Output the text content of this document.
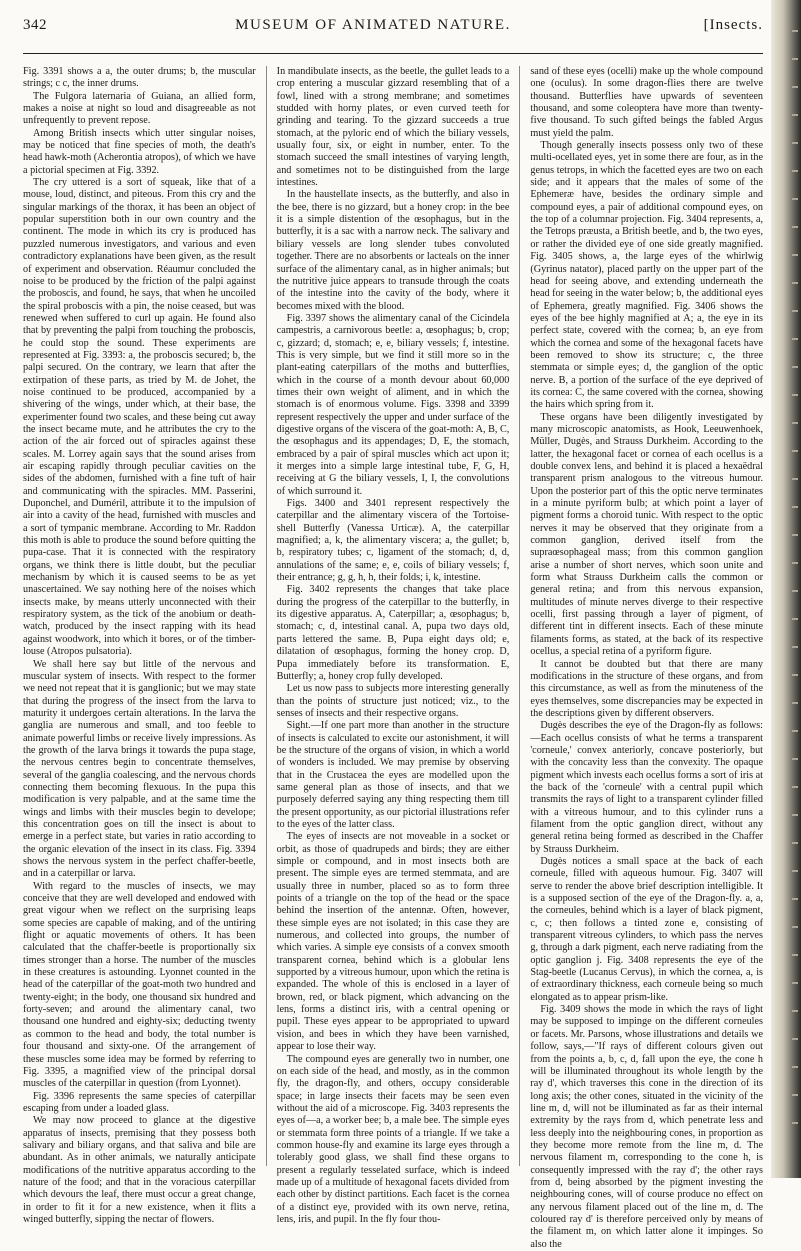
342	MUSEUM OF ANIMATED NATURE.	[Insects.

Fig. 3391 shows a a, the outer drums; b, the muscular strings; c c, the inner drums.

The Fulgora laternaria of Guiana, an allied form, makes a noise at night so loud and disagreeable as not unfrequently to prevent repose.

Among British insects which utter singular noises, may be noticed that fine species of moth, the death's head hawk-moth (Acherontia atropos), of which we have a pictorial specimen at Fig. 3392.

The cry uttered is a sort of squeak, like that of a mouse, loud, distinct, and piteous. From this cry and the singular markings of the thorax, it has been an object of popular superstition both in our own country and the continent. The mode in which its cry is produced has puzzled numerous investigators, and various and even contradictory explanations have been given, as the result of experiment and observation. Réaumur concluded the noise to be produced by the friction of the palpi against the proboscis, and found, he says, that when he uncoiled the spiral proboscis with a pin, the noise ceased, but was renewed when suffered to curl up again. He found also that by preventing the palpi from touching the proboscis, he could stop the sound. These experiments are represented at Fig. 3393: a, the proboscis secured; b, the palpi secured. On the contrary, we learn that after the extirpation of these parts, as tried by M. de Johet, the noise continued to be produced, accompanied by a shivering of the wings, under which, at their base, the experimenter found two scales, and these being cut away the insect became mute, and he attributes the cry to the action of the air forced out of spiracles against these scales. M. Lorrey again says that the sound arises from air escaping rapidly through peculiar cavities on the sides of the abdomen, furnished with a fine tuft of hair and communicating with the spiracles. MM. Passerini, Duponchel, and Duméril, attribute it to the impulsion of air into a cavity of the head, furnished with muscles and a sort of tympanic membrane. According to Mr. Raddon this moth is able to produce the sound before quitting the pupa-case. That it is connected with the respiratory organs, we think there is little doubt, but the peculiar mechanism by which it is caused seems to be as yet unascertained. We say nothing here of the noises which insects make, by means utterly unconnected with their respiratory system, as the tick of the anobium or death-watch, produced by the insect rapping with its head against woodwork, into which it bores, or of the timber-louse (Atropos pulsatoria).

We shall here say but little of the nervous and muscular system of insects. With respect to the former we need not repeat that it is ganglionic; but we may state that during the progress of the insect from the larva to maturity it undergoes certain alterations. In the larva the ganglia are numerous and small, and too feeble to animate powerful limbs or receive lively impressions. As the growth of the larva brings it towards the pupa stage, the nervous centres begin to concentrate themselves, several of the ganglia coalescing, and the nervous chords connecting them becoming flexuous. In the pupa this modification is very palpable, and at the same time the wings and limbs with their muscles begin to develope; this concentration goes on till the insect is about to emerge in a perfect state, but varies in ratio according to the organic elevation of the insect in its class. Fig. 3394 shows the nervous system in the perfect chaffer-beetle, and in a caterpillar or larva.

With regard to the muscles of insects, we may conceive that they are well developed and endowed with great vigour when we reflect on the surprising leaps some species are capable of making, and of the untiring flight or aquatic movements of others. It has been calculated that the chaffer-beetle is proportionally six times stronger than a horse. The number of the muscles in these creatures is astounding. Lyonnet counted in the head of the caterpillar of the goat-moth two hundred and twenty-eight; in the body, one thousand six hundred and forty-seven; and around the alimentary canal, two thousand one hundred and eighty-six; deducting twenty as common to the head and body, the total number is four thousand and sixty-one. Of the arrangement of these muscles some idea may be formed by referring to Fig. 3395, a magnified view of the principal dorsal muscles of the caterpillar in question (from Lyonnet).

Fig. 3396 represents the same species of caterpillar escaping from under a loaded glass.

We may now proceed to glance at the digestive apparatus of insects, premising that they possess both salivary and biliary organs, and that saliva and bile are abundant. As in other animals, we naturally anticipate modifications of the nutritive apparatus according to the nature of the food; and that in the voracious caterpillar which devours the leaf, there must occur a great change, in order to fit it for a new existence, when it flits a winged butterfly, sipping the nectar of flowers.

In mandibulate insects, as the beetle, the gullet leads to a crop entering a muscular gizzard resembling that of a fowl, lined with a strong membrane; and sometimes studded with horny plates, or even curved teeth for grinding and tearing. To the gizzard succeeds a true stomach, at the pyloric end of which the biliary vessels, usually four, six, or eight in number, enter. To the stomach succeed the small intestines of varying length, and sometimes not to be distinguished from the large intestines.

In the haustellate insects, as the butterfly, and also in the bee, there is no gizzard, but a honey crop: in the bee it is a simple distention of the œsophagus, but in the butterfly, it is a sac with a narrow neck. The salivary and biliary vessels are long slender tubes convoluted together. There are no absorbents or lacteals on the inner surface of the alimentary canal, as in higher animals; but the nutritive juice appears to transude through the coats of the intestine into the cavity of the body, where it becomes mixed with the blood.

Fig. 3397 shows the alimentary canal of the Cicindela campestris, a carnivorous beetle: a, œsophagus; b, crop; c, gizzard; d, stomach; e, e, biliary vessels; f, intestine. This is very simple, but we find it still more so in the plant-eating caterpillars of the moths and butterflies, which in the course of a month devour about 60,000 times their own weight of aliment, and in which the stomach is of enormous volume. Figs. 3398 and 3399 represent respectively the upper and under surface of the digestive organs of the viscera of the goat-moth: A, B, C, the œsophagus and its appendages; D, E, the stomach, embraced by a pair of spiral muscles which act upon it; it merges into a simple large intestinal tube, F, G, H, receiving at G the biliary vessels, I, I, the convolutions of which surround it.

Figs. 3400 and 3401 represent respectively the caterpillar and the alimentary viscera of the Tortoise-shell Butterfly (Vanessa Urticæ). A, the caterpillar magnified; a, k, the alimentary viscera; a, the gullet; b, b, respiratory tubes; c, ligament of the stomach; d, d, annulations of the same; e, e, coils of biliary vessels; f, their entrance; g, g, h, h, their folds; i, k, intestine.

Fig. 3402 represents the changes that take place during the progress of the caterpillar to the butterfly, in its digestive apparatus. A, Caterpillar; a, œsophagus; b, stomach; c, d, intestinal canal. A, pupa two days old, parts lettered the same. B, Pupa eight days old; e, dilatation of œsophagus, forming the honey crop. D, Pupa immediately before its transformation. E, Butterfly; a, honey crop fully developed.

Let us now pass to subjects more interesting generally than the points of structure just noticed; viz., to the senses of insects and their respective organs.

Sight.—If one part more than another in the structure of insects is calculated to excite our astonishment, it will be the structure of the organs of vision, in which a world of wonders is included. We may premise by observing that in the Crustacea the eyes are modelled upon the same general plan as those of insects, and that we purposely deferred saying any thing respecting them till the present opportunity, as our pictorial illustrations refer to the eyes of the latter class.

The eyes of insects are not moveable in a socket or orbit, as those of quadrupeds and birds; they are either simple or compound, and in most insects both are present. The simple eyes are termed stemmata, and are usually three in number, placed so as to form three points of a triangle on the top of the head or the space behind the insertion of the antennæ. Often, however, these simple eyes are not isolated; in this case they are numerous, and collected into groups, the number of which varies. A simple eye consists of a convex smooth transparent cornea, behind which is a globular lens supported by a vitreous humour, upon which the retina is expanded. The whole of this is enclosed in a layer of brown, red, or black pigment, which advancing on the lens, forms a distinct iris, with a central opening or pupil. These eyes appear to be appropriated to upward vision, and bees in which they have been varnished, appear to lose their way.

The compound eyes are generally two in number, one on each side of the head, and mostly, as in the common fly, the dragon-fly, and others, occupy considerable space; in large insects their facets may be seen even without the aid of a microscope. Fig. 3403 represents the eyes of—a, a worker bee; b, a male bee. The simple eyes or stemmata form three points of a triangle. If we take a common house-fly and examine its large eyes through a tolerably good glass, we shall find these organs to present a regularly tesselated surface, which is indeed made up of a multitude of hexagonal facets divided from each other by distinct partitions. Each facet is the cornea of a distinct eye, provided with its own nerve, retina, lens, iris, and pupil. In the fly four thou-

sand of these eyes (ocelli) make up the whole compound one (oculus). In some dragon-flies there are twelve thousand. Butterflies have upwards of seventeen thousand, and some coleoptera have more than twenty-five thousand. To such gifted beings the fabled Argus must yield the palm.

Though generally insects possess only two of these multi-ocellated eyes, yet in some there are four, as in the genus tetrops, in which the facetted eyes are two on each side; and it appears that the males of some of the Ephemeræ have, besides the ordinary simple and compound eyes, a pair of additional compound eyes, on the top of a columnar projection. Fig. 3404 represents, a, the Tetrops præusta, a British beetle, and b, the two eyes, or rather the divided eye of one side greatly magnified. Fig. 3405 shows, a, the large eyes of the whirlwig (Gyrinus natator), placed partly on the upper part of the head for seeing above, and extending underneath the head for seeing in the water below; b, the additional eyes of Ephemera, greatly magnified. Fig. 3406 shows the eyes of the bee highly magnified at A; a, the eye in its perfect state, covered with the cornea; b, an eye from which the cornea and some of the hexagonal facets have been removed to show its structure; c, the three stemmata or simple eyes; d, the ganglion of the optic nerve. B, a portion of the surface of the eye deprived of its cornea: C, the same covered with the cornea, showing the hairs which spring from it.

These organs have been diligently investigated by many microscopic anatomists, as Hook, Leeuwenhoek, Müller, Dugès, and Strauss Durkheim. According to the latter, the hexagonal facet or cornea of each ocellus is a double convex lens, and behind it is placed a hexaëdral transparent prism analogous to the vitreous humour. Upon the posterior part of this the optic nerve terminates in a minute pyriform bulb; at which point a layer of pigment forms a choroid tunic. With respect to the optic nerves it may be observed that they originate from a common ganglion, derived itself from the supraœsophageal mass; from this common ganglion arise a number of short nerves, which soon unite and form what Strauss Durkheim calls the common or general retina; and from this nervous expansion, multitudes of minute nerves diverge to their respective ocelli, first passing through a layer of pigment, of different tint in different insects. Each of these minute filaments forms, as stated, at the back of its respective ocellus, a special retina of a pyriform figure.

It cannot be doubted but that there are many modifications in the structure of these organs, and from this circumstance, as well as from the minuteness of the eyes themselves, some discrepancies may be expected in the descriptions given by different observers.

Dugès describes the eye of the Dragon-fly as follows:—Each ocellus consists of what he terms a transparent 'corneule,' convex anteriorly, concave posteriorly, but with the concavity less than the convexity. The opaque pigment which invests each ocellus forms a sort of iris at the back of the 'corneule' with a central pupil which transmits the rays of light to a transparent cylinder filled with a vitreous humour, and to this cylinder runs a filament from the optic ganglion direct, without any general retina being formed as described in the Chaffer by Strauss Durkheim.

Dugès notices a small space at the back of each corneule, filled with aqueous humour. Fig. 3407 will serve to render the above brief description intelligible. It is a supposed section of the eye of the Dragon-fly. a, a, the corneules, behind which is a layer of black pigment, c, c; then follows a tinted zone e, consisting of transparent vitreous cylinders, to which pass the nerves g, through a dark pigment, each nerve radiating from the optic ganglion j. Fig. 3408 represents the eye of the Stag-beetle (Lucanus Cervus), in which the cornea, a, is of extraordinary thickness, each corneule being so much elongated as to appear prism-like.

Fig. 3409 shows the mode in which the rays of light may be supposed to impinge on the different corneules or facets. Mr. Parsons, whose illustrations and details we follow, says,—"If rays of different colours given out from the points a, b, c, d, fall upon the eye, the cone h will be illuminated throughout its whole length by the ray d', which traverses this cone in the direction of its long axis; the other cones, situated in the vicinity of the line m, d, will not be illuminated as far as their internal extremity by the rays from d, which penetrate less and less deeply into the neighbouring cones, in proportion as they become more remote from the line m, d. The nervous filament m, corresponding to the cone h, is consequently impressed with the ray d'; the other rays from d, being absorbed by the pigment investing the neighbouring cones, will of course produce no effect on any nervous filament placed out of the line m, d. The coloured ray d' is therefore perceived only by means of the filament m, on which latter alone it impinges. So also the
